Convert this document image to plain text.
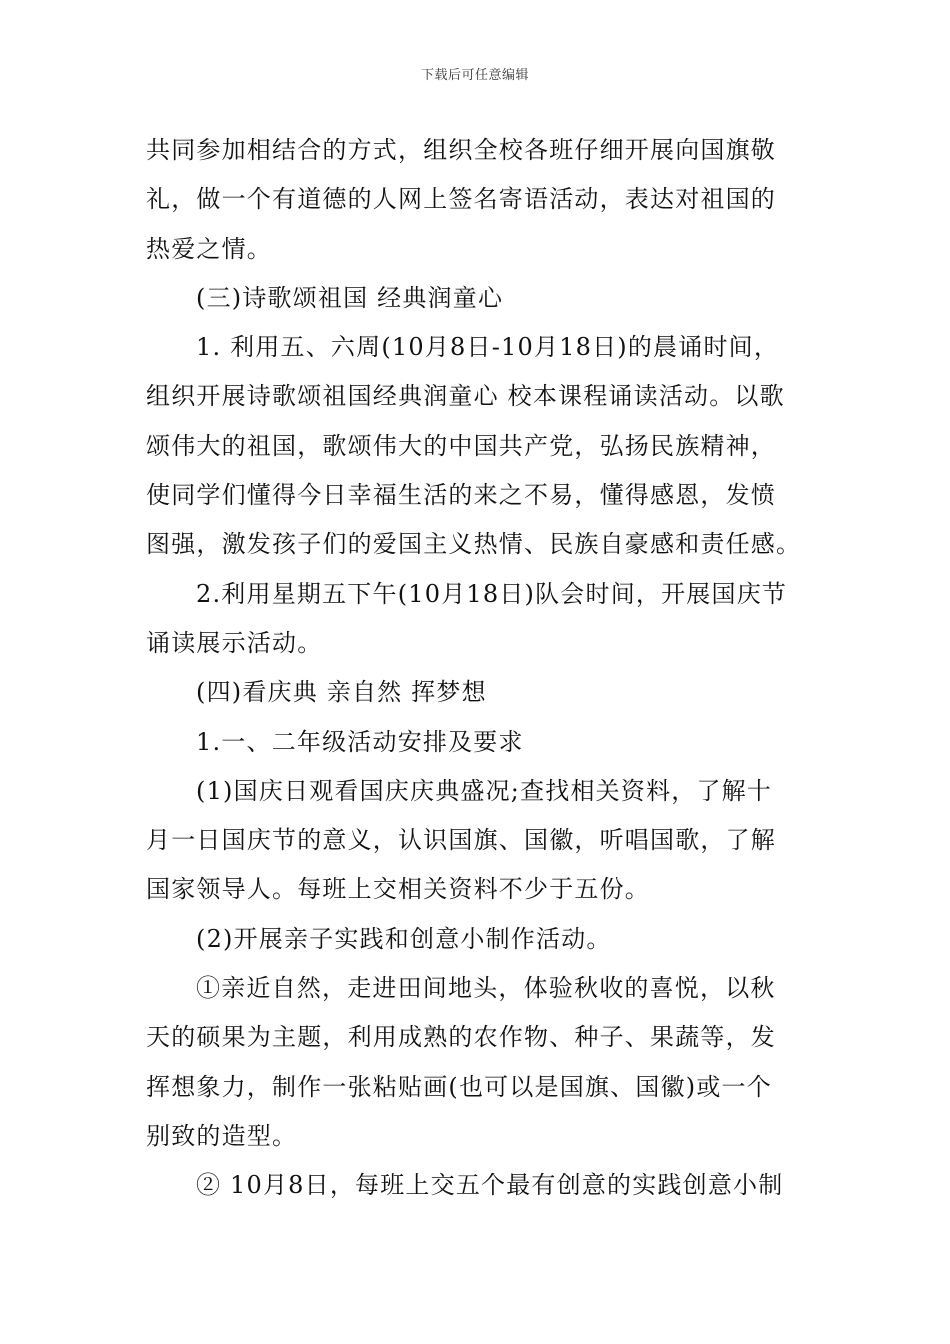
下载后可任意编辑
共同参加相结合的方式，组织全校各班仔细开展向国旗敬
礼，做一个有道德的人网上签名寄语活动，表达对祖国的
热爱之情。
(三)诗歌颂祖国 经典润童心
1. 利用五、六周(10月8日-10月18日)的晨诵时间，
组织开展诗歌颂祖国经典润童心 校本课程诵读活动。以歌
颂伟大的祖国，歌颂伟大的中国共产党，弘扬民族精神，
使同学们懂得今日幸福生活的来之不易，懂得感恩，发愤
图强，激发孩子们的爱国主义热情、民族自豪感和责任感。
2.利用星期五下午(10月18日)队会时间，开展国庆节
诵读展示活动。
(四)看庆典 亲自然 挥梦想
1.一、二年级活动安排及要求
(1)国庆日观看国庆庆典盛况;查找相关资料，了解十
月一日国庆节的意义，认识国旗、国徽，听唱国歌，了解
国家领导人。每班上交相关资料不少于五份。
(2)开展亲子实践和创意小制作活动。
①亲近自然，走进田间地头，体验秋收的喜悦，以秋
天的硕果为主题，利用成熟的农作物、种子、果蔬等，发
挥想象力，制作一张粘贴画(也可以是国旗、国徽)或一个
别致的造型。
② 10月8日，每班上交五个最有创意的实践创意小制
